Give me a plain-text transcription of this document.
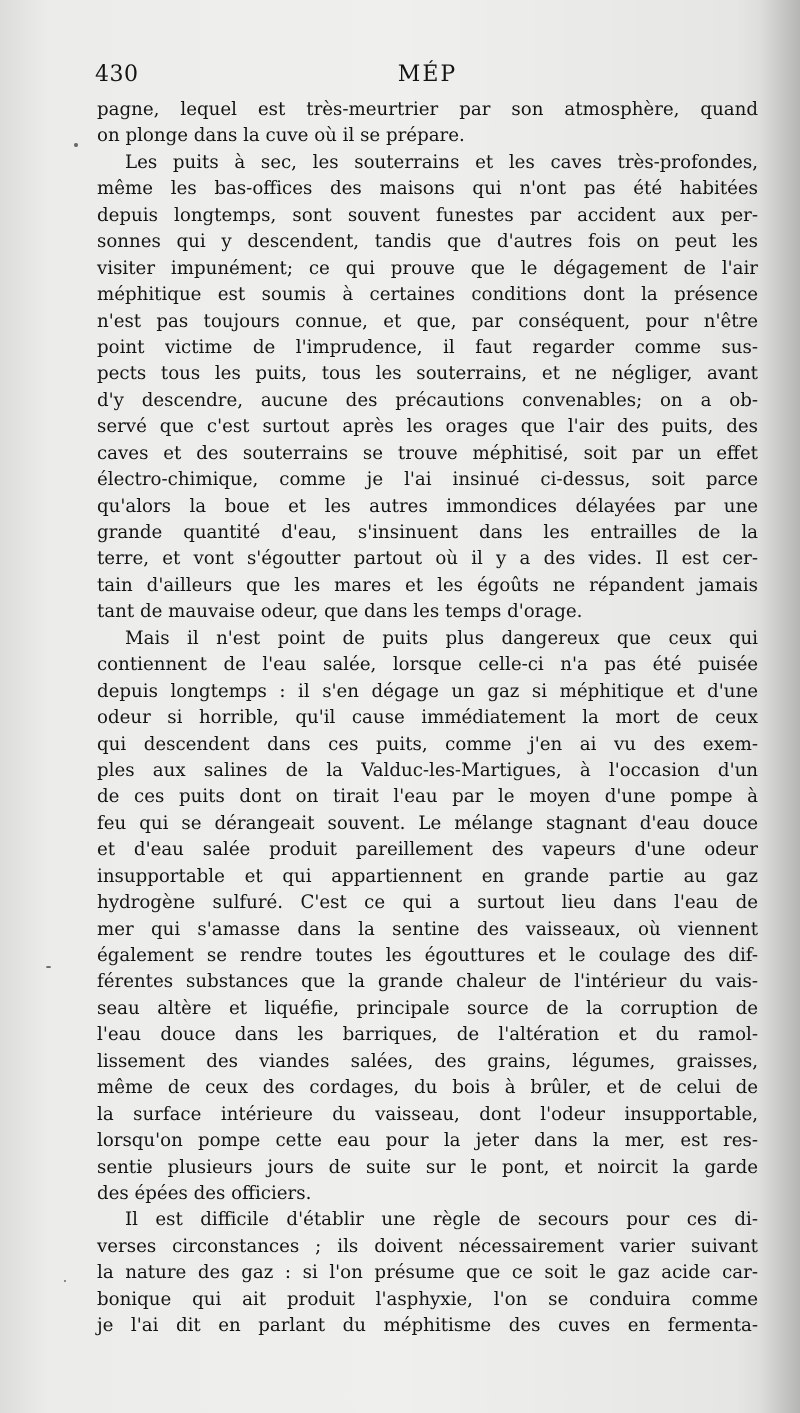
430	MÉP
pagne, lequel est très-meurtrier par son atmosphère, quand
on plonge dans la cuve où il se prépare.
Les puits à sec, les souterrains et les caves très-profondes,
même les bas-offices des maisons qui n'ont pas été habitées
depuis longtemps, sont souvent funestes par accident aux per-
sonnes qui y descendent, tandis que d'autres fois on peut les
visiter impunément; ce qui prouve que le dégagement de l'air
méphitique est soumis à certaines conditions dont la présence
n'est pas toujours connue, et que, par conséquent, pour n'être
point victime de l'imprudence, il faut regarder comme sus-
pects tous les puits, tous les souterrains, et ne négliger, avant
d'y descendre, aucune des précautions convenables; on a ob-
servé que c'est surtout après les orages que l'air des puits, des
caves et des souterrains se trouve méphitisé, soit par un effet
électro-chimique, comme je l'ai insinué ci-dessus, soit parce
qu'alors la boue et les autres immondices délayées par une
grande quantité d'eau, s'insinuent dans les entrailles de la
terre, et vont s'égoutter partout où il y a des vides. Il est cer-
tain d'ailleurs que les mares et les égoûts ne répandent jamais
tant de mauvaise odeur, que dans les temps d'orage.
Mais il n'est point de puits plus dangereux que ceux qui
contiennent de l'eau salée, lorsque celle-ci n'a pas été puisée
depuis longtemps : il s'en dégage un gaz si méphitique et d'une
odeur si horrible, qu'il cause immédiatement la mort de ceux
qui descendent dans ces puits, comme j'en ai vu des exem-
ples aux salines de la Valduc-les-Martigues, à l'occasion d'un
de ces puits dont on tirait l'eau par le moyen d'une pompe à
feu qui se dérangeait souvent. Le mélange stagnant d'eau douce
et d'eau salée produit pareillement des vapeurs d'une odeur
insupportable et qui appartiennent en grande partie au gaz
hydrogène sulfuré. C'est ce qui a surtout lieu dans l'eau de
mer qui s'amasse dans la sentine des vaisseaux, où viennent
également se rendre toutes les égouttures et le coulage des dif-
férentes substances que la grande chaleur de l'intérieur du vais-
seau altère et liquéfie, principale source de la corruption de
l'eau douce dans les barriques, de l'altération et du ramol-
lissement des viandes salées, des grains, légumes, graisses,
même de ceux des cordages, du bois à brûler, et de celui de
la surface intérieure du vaisseau, dont l'odeur insupportable,
lorsqu'on pompe cette eau pour la jeter dans la mer, est res-
sentie plusieurs jours de suite sur le pont, et noircit la garde
des épées des officiers.
Il est difficile d'établir une règle de secours pour ces di-
verses circonstances ; ils doivent nécessairement varier suivant
la nature des gaz : si l'on présume que ce soit le gaz acide car-
bonique qui ait produit l'asphyxie, l'on se conduira comme
je l'ai dit en parlant du méphitisme des cuves en fermenta-
